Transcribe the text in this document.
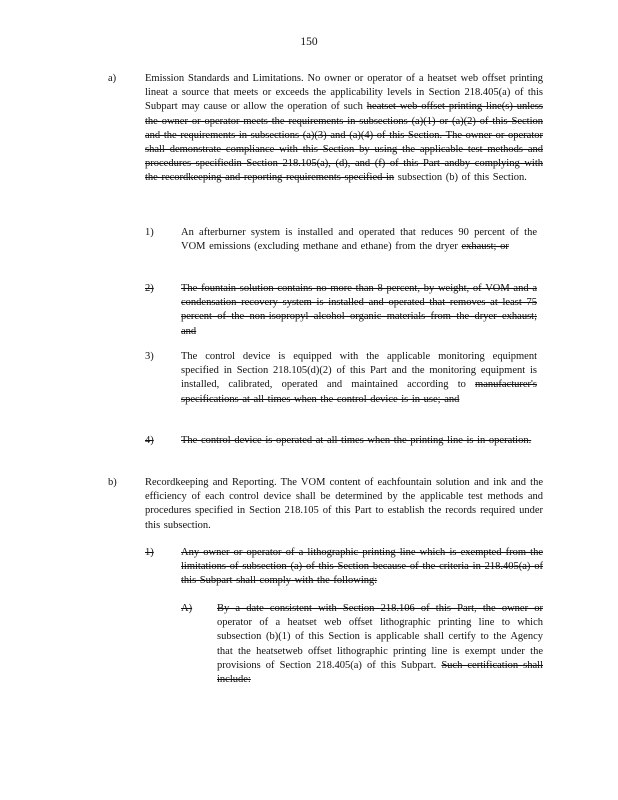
150
a)	Emission Standards and Limitations. No owner or operator of a heatset web offset printing lineat a source that meets or exceeds the applicability levels in Section 218.405(a) of this Subpart may cause or allow the operation of such heatset web offset printing line(s) unless the owner or operator meets the requirements in subsections (a)(1) or (a)(2) of this Section and the requirements in subsections (a)(3) and (a)(4) of this Section. The owner or operator shall demonstrate compliance with this Section by using the applicable test methods and procedures specifiedin Section 218.105(a), (d), and (f) of this Part andby complying with the recordkeeping and reporting requirements specified in subsection (b) of this Section.
1)	An afterburner system is installed and operated that reduces 90 percent of the VOM emissions (excluding methane and ethane) from the dryer exhaust; or
2)	The fountain solution contains no more than 8 percent, by weight, of VOM and a condensation recovery system is installed and operated that removes at least 75 percent of the non-isopropyl alcohol organic materials from the dryer exhaust; and
3)	The control device is equipped with the applicable monitoring equipment specified in Section 218.105(d)(2) of this Part and the monitoring equipment is installed, calibrated, operated and maintained according to manufacturer's specifications at all times when the control device is in use; and
4)	The control device is operated at all times when the printing line is in operation.
b)	Recordkeeping and Reporting. The VOM content of eachfountain solution and ink and the efficiency of each control device shall be determined by the applicable test methods and procedures specified in Section 218.105 of this Part to establish the records required under this subsection.
1)	Any owner or operator of a lithographic printing line which is exempted from the limitations of subsection (a) of this Section because of the criteria in 218.405(a) of this Subpart shall comply with the following:
A) By a date consistent with Section 218.106 of this Part, the owner or operator of a heatset web offset lithographic printing line to which subsection (b)(1) of this Section is applicable shall certify to the Agency that the heatsetweb offset lithographic printing line is exempt under the provisions of Section 218.405(a) of this Subpart. Such certification shall include:
